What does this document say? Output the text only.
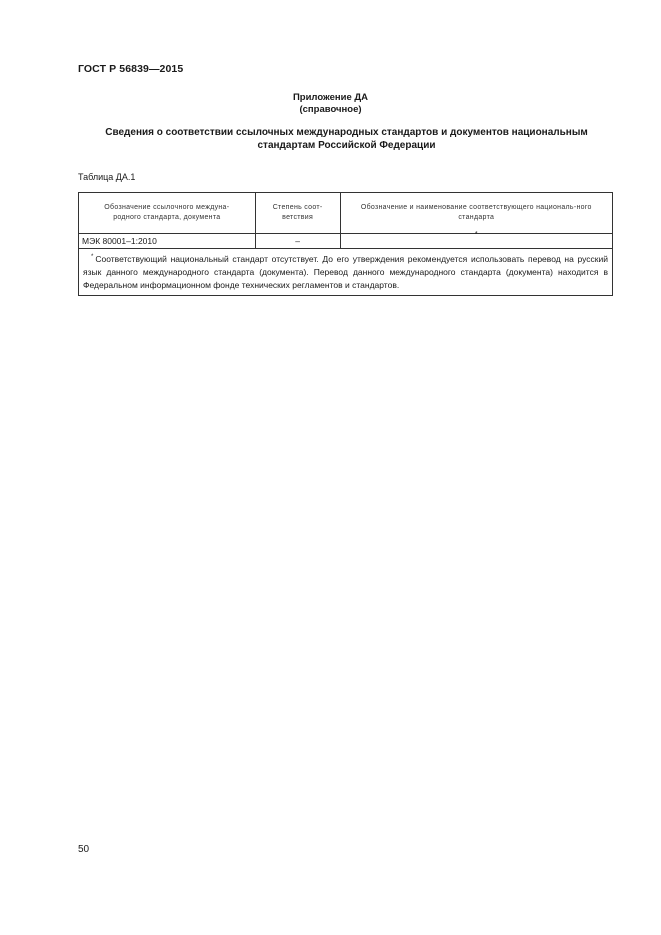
ГОСТ Р 56839—2015
Приложение ДА
(справочное)
Сведения о соответствии ссылочных международных стандартов и документов национальным стандартам Российской Федерации
Таблица ДА.1
Обозначение ссылочного междуна-родного стандарта, документа	Степень соот-ветствия	Обозначение и наименование соответствующего националь-ного стандарта

МЭК 80001–1:2010	–	*

* Соответствующий национальный стандарт отсутствует. До его утверждения рекомендуется использовать перевод на русский язык данного международного стандарта (документа). Перевод данного международного стандарта (документа) находится в Федеральном информационном фонде технических регламентов и стандартов.		
50
